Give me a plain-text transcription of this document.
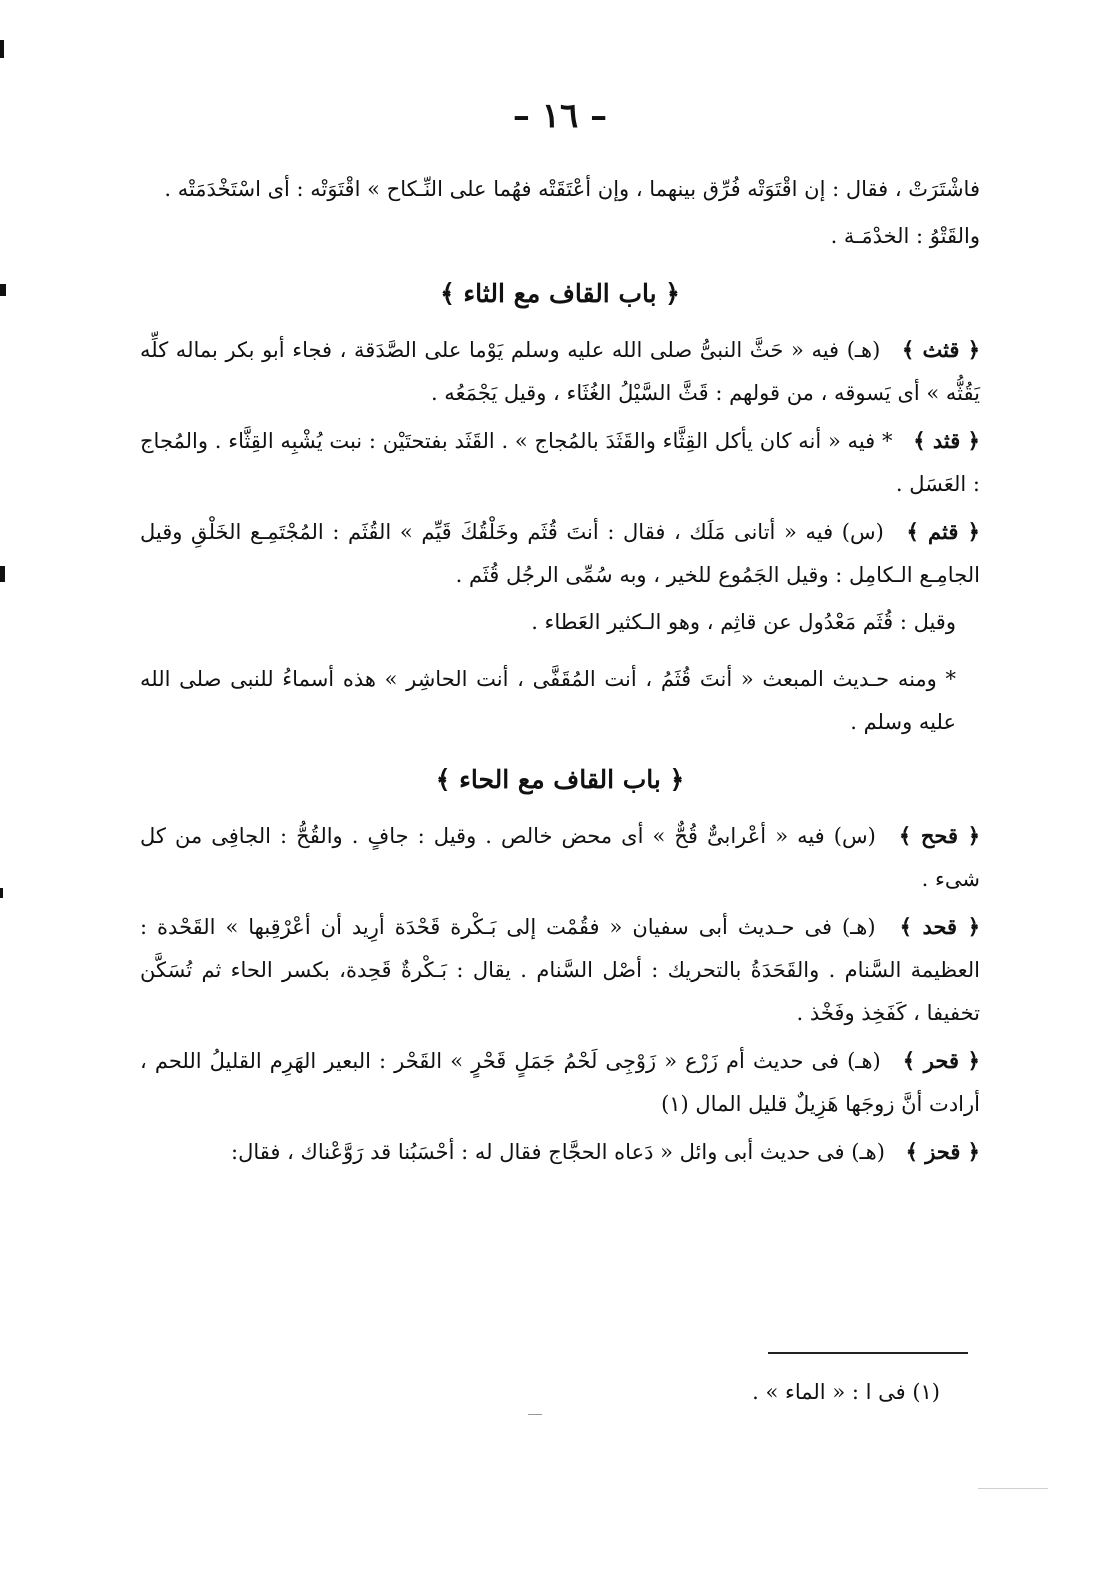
– ١٦ –

فاشْتَرَتْ ، فقال : إن اقْتَوَتْه فُرِّق بينهما ، وإن أعْتَقَتْه فهُما على النِّـكاح » اقْتَوَتْه : أى اسْتَخْدَمَتْه .

والقَتْوُ : الخدْمَـة .

﴿ باب القاف مع الثاء ﴾

﴿ قثث ﴾ (هـ) فيه « حَثَّ النبىُّ صلى الله عليه وسلم يَوْما على الصَّدَقة ، فجاء أبو بكر بماله كلِّه يَقُثُّه » أى يَسوقه ، من قولهم : قَثَّ السَّيْلُ الغُثَاء ، وقيل يَجْمَعُه .

﴿ قثد ﴾ * فيه « أنه كان يأكل القِثَّاء والقَثَدَ بالمُجاج » . القَثَد بفتحتَيْن : نبت يُشْبِه القِثَّاء . والمُجاج : العَسَل .

﴿ قثم ﴾ (س) فيه « أتانى مَلَك ، فقال : أنتَ قُثَم وخَلْقُكَ قَيِّم » القُثَم : المُجْتَمِـع الخَلْقِ وقيل الجامِـع الـكامِل : وقيل الجَمُوع للخير ، وبه سُمِّى الرجُل قُثَم .

وقيل : قُثَم مَعْدُول عن قاثِم ، وهو الـكثير العَطاء .

* ومنه حـديث المبعث « أنتَ قُثَمُ ، أنت المُقَفَّى ، أنت الحاشِر » هذه أسماءُ للنبى صلى الله عليه وسلم .

﴿ باب القاف مع الحاء ﴾

﴿ قحح ﴾ (س) فيه « أعْرابىٌّ قُحٌّ » أى محض خالص . وقيل : جافٍ . والقُحُّ : الجافِى من كل شىء .

﴿ قحد ﴾ (هـ) فى حـديث أبى سفيان « فقُمْت إلى بَـكْرة قَحْدَة أرِيد أن أعْرْقِبها » القَحْدة : العظيمة السَّنام . والقَحَدَةُ بالتحريك : أصْل السَّنام . يقال : بَـكْرةٌ قَحِدة، بكسر الحاء ثم تُسَكَّن تخفيفا ، كَفَخِذ وفَخْذ .

﴿ قحر ﴾ (هـ) فى حديث أم زَرْع « زَوْجِى لَحْمُ جَمَلٍ قَحْرٍ » القَحْر : البعير الهَرِم القليلُ اللحم ، أرادت أنَّ زوجَها هَزِيلٌ قليل المال (١)

﴿ قحز ﴾ (هـ) فى حديث أبى وائل « دَعاه الحجَّاج فقال له : أحْسَبُنا قد رَوَّعْناك ، فقال:

(١) فى ا : « الماء » .
